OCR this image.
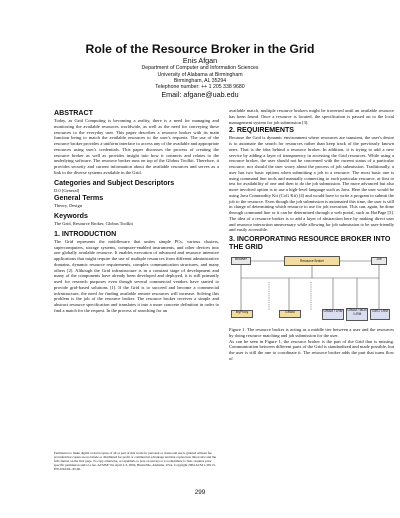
Role of the Resource Broker in the Grid
Enis Afgan
Department of Computer and Information Sciences
University of Alabama at Birmingham
Birmingham, AL 35294
Telephone number: ++ 1 205 338 9680
Email: afgane@uab.edu
ABSTRACT

Today, as Grid Computing is becoming a reality, there is a need for managing and monitoring the available resources worldwide, as well as the need for conveying these resources to the everyday user. This paper describes a resource broker with its main function being to match the available resources to the user's requests. The use of the resource broker provides a uniform interface to access any of the available and appropriate resources using user's credentials. This paper discusses the process of creating the resource broker as well as provides insight into how it connects and relates to the underlying software. The resource broker runs on top of the Globus Toolkit. Therefore, it provides security and current information about the available resources and serves as a link to the diverse systems available in the Grid.

Categories and Subject Descriptors

D.0 [General]

General Terms

Theory, Design

Keywords

The Grid, Resource Broker, Globus Toolkit

1. INTRODUCTION

The Grid represents the middleware that unites simple PCs, various clusters, supercomputers, storage systems, computer-enabled instruments, and other devices into one globally available resource. It enables execution of advanced and resource intensive applications that might require the use of multiple resources from different administrative domains, dynamic resource requirements, complex communication structures, and many others [2]. Although the Grid infrastructure is in a constant stage of development and many of the components have already been developed and deployed, it is still primarily used for research purposes even though several commercial vendors have started to provide grid-based solutions [1]. If the Grid is to succeed and become a commercial infrastructure, the need for finding available remote resources will increase. Solving this problem is the job of the resource broker. The resource broker receives a simple and abstract resource specification and translates it into a more concrete definition in order to find a match for the request. In the process of searching for an

Permission to make digital or hard copies of all or part of this work for personal or classroom use is granted without fee provided that copies are not made or distributed for profit or commercial advantage and that copies bear this notice and the full citation on the first page. To copy otherwise, or republish, to post on servers or to redistribute to lists, requires prior specific permission and/or a fee. ACMSE '04, April 2-3, 2004, Huntsville, Alabama, USA. Copyright 2004 ACM 1-58113-870-9/04/04...$5.00.

available match, multiple resource brokers might be traversed until an available resource has been found. Once a resource is located, the specification is passed on to the local management system for job submission [3].

2. REQUIREMENTS

Because the Grid is dynamic environment where resources are transient, the user's desire is to automate the search for resources rather than keep track of the previously known ones. That is the idea behind a resource broker. In addition, it is trying to add a new service by adding a layer of transparency in accessing the Grid resources. While using a resource broker, the user should not be concerned with the current status of a particular resource, nor should the user worry about the process of job submission. Traditionally, a user has two basic options when submitting a job to a resource. The most basic one is using command line tools and manually connecting to each particular resource, at first to test for availability of one and then to do the job submission. The more advanced but also more involved option is to use a high-level language such as Java. Here the user would be using Java Commodity Kit (CoG Kit) [4] and would have to write a program to submit the job to the resource. Even though the job submission is automated this time, the user is still in charge of determining which resource to use for job execution. This can, again, be done through command line or it can be determined through a web portal, such as HotPage [5]. The idea of a resource broker is to add a layer of abstraction here by making direct user and resource interaction unnecessary while allowing for job submission to be user-friendly and easily accessible.

3. INCORPORATING RESOURCE BROKER INTO THE GRID
Browser	Resource Broker	Job
MyProxy	GRAM	GRAM / LRM	GRAM / MDS / LRM
GIIS / LRM

Figure 1. The resource broker is acting as a middle tier between a user and the resources by doing resource matching and job submission for the user.

As can be seen in Figure 1, the resource broker is the part of the Grid that is missing. Communication between different parts of the Grid is standardized and made possible, but the user is still the one to coordinate it. The resource broker adds the part that turns flow of

299
